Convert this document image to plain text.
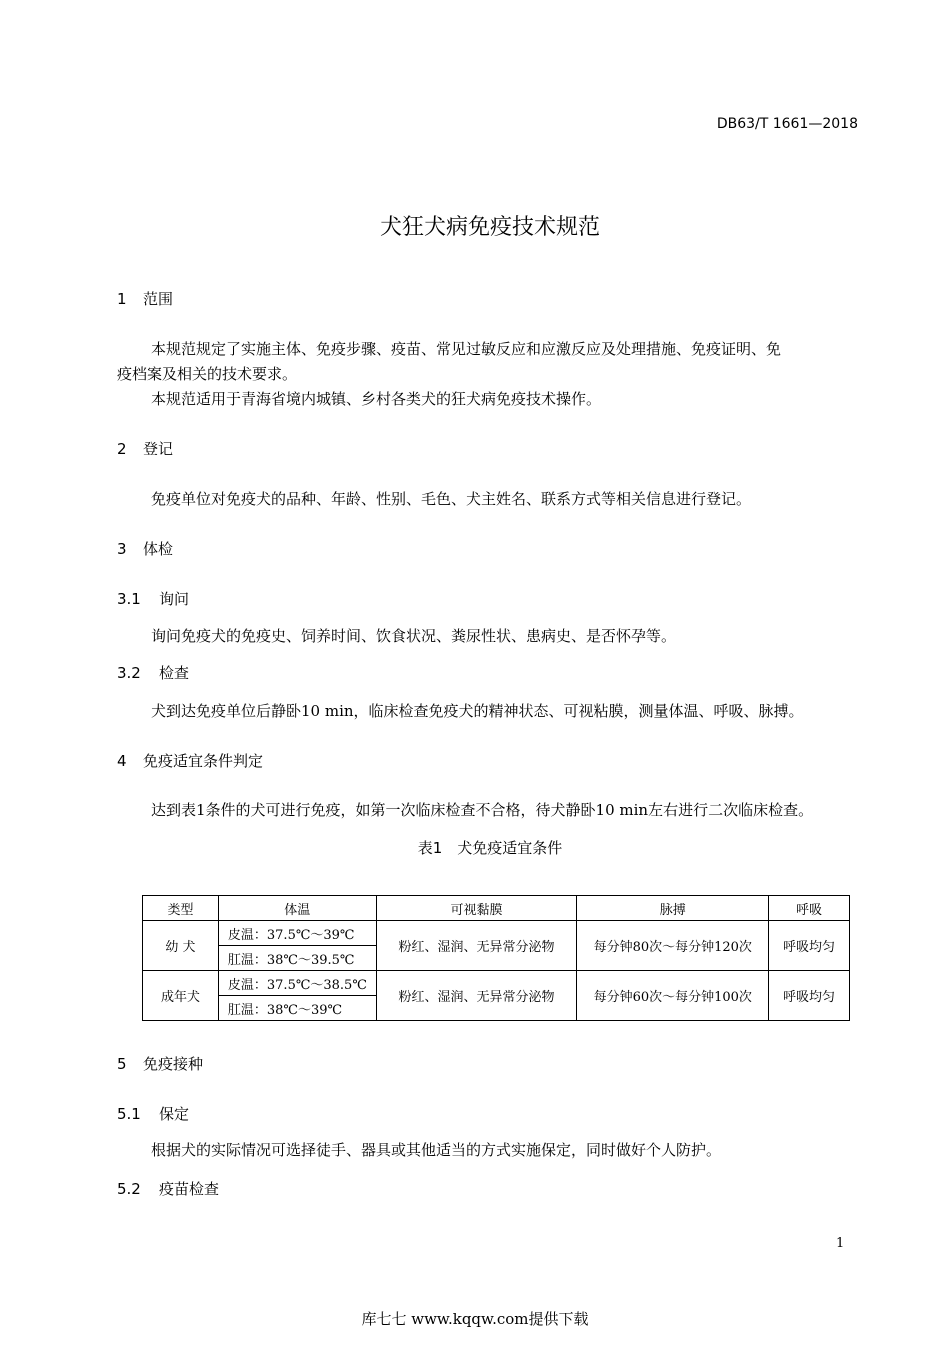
DB63/T 1661—2018
犬狂犬病免疫技术规范
1 范围
本规范规定了实施主体、免疫步骤、疫苗、常见过敏反应和应激反应及处理措施、免疫证明、免
疫档案及相关的技术要求。
本规范适用于青海省境内城镇、乡村各类犬的狂犬病免疫技术操作。
2 登记
免疫单位对免疫犬的品种、年龄、性别、毛色、犬主姓名、联系方式等相关信息进行登记。
3 体检
3.1 询问
询问免疫犬的免疫史、饲养时间、饮食状况、粪尿性状、患病史、是否怀孕等。
3.2 检查
犬到达免疫单位后静卧10 min，临床检查免疫犬的精神状态、可视粘膜，测量体温、呼吸、脉搏。
4 免疫适宜条件判定
达到表1条件的犬可进行免疫，如第一次临床检查不合格，待犬静卧10 min左右进行二次临床检查。
表1　犬免疫适宜条件
类型	体温	可视黏膜	脉搏	呼吸
幼 犬	皮温：37.5℃～39℃	粉红、湿润、无异常分泌物	每分钟80次～每分钟120次	呼吸均匀
	肛温：38℃～39.5℃			
成年犬	皮温：37.5℃～38.5℃	粉红、湿润、无异常分泌物	每分钟60次～每分钟100次	呼吸均匀
	肛温：38℃～39℃			
5 免疫接种
5.1 保定
根据犬的实际情况可选择徒手、器具或其他适当的方式实施保定，同时做好个人防护。
5.2 疫苗检查
1
库七七 www.kqqw.com提供下载
